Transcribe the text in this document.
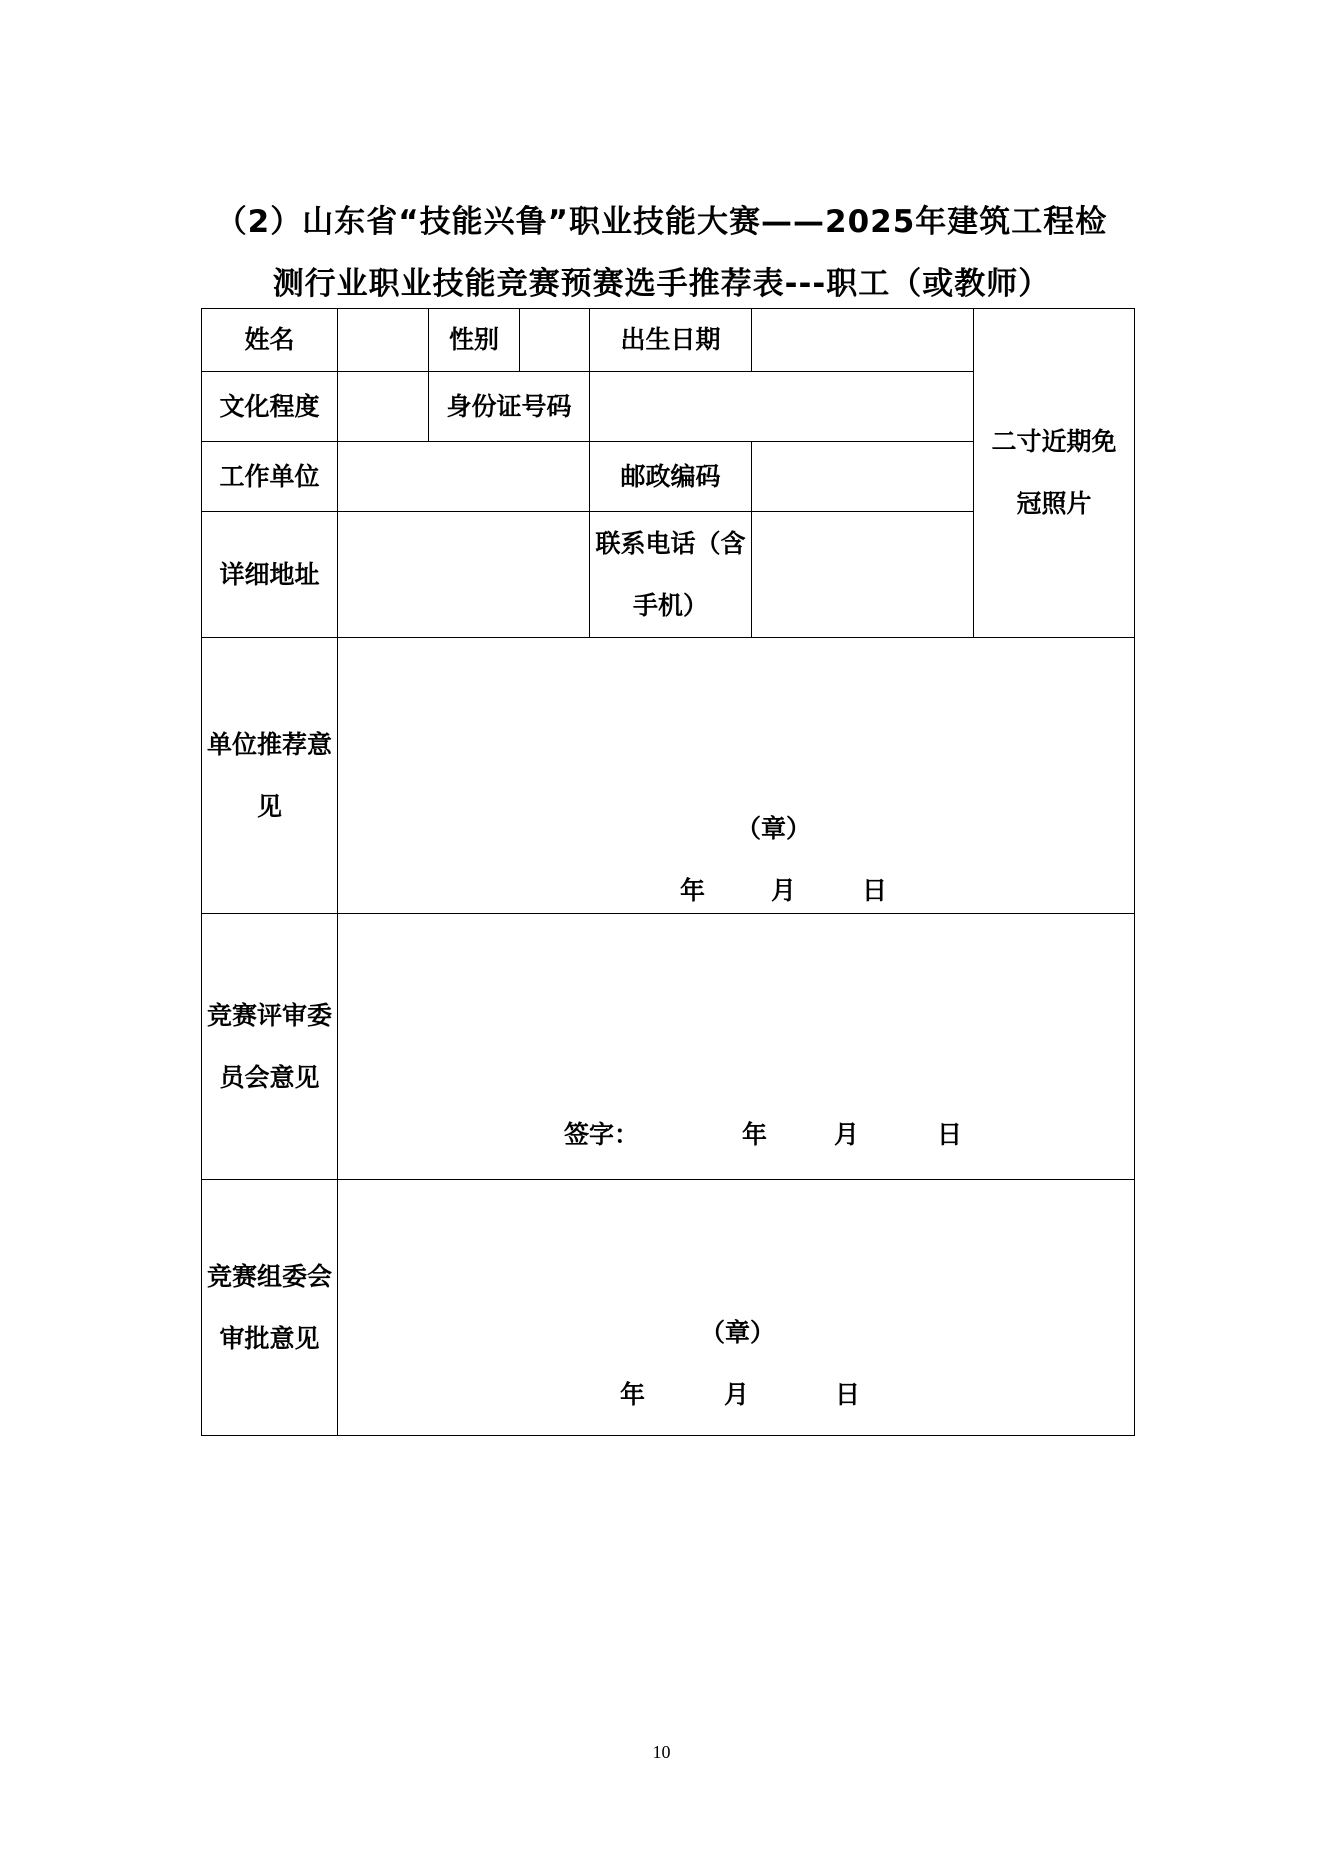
（2）山东省“技能兴鲁”职业技能大赛——2025年建筑工程检
测行业职业技能竞赛预赛选手推荐表---职工（或教师）
姓名		性别		出生日期		二寸近期免
冠照片

文化程度		身份证号码				
工作单位				邮政编码		
详细地址				联系电话（含
手机）		

单位推荐意
见	（章）
年 月 日					

竞赛评审委
员会意见	签字： 年 月 日					

竞赛组委会
审批意见	（章）
年 月 日					
10
